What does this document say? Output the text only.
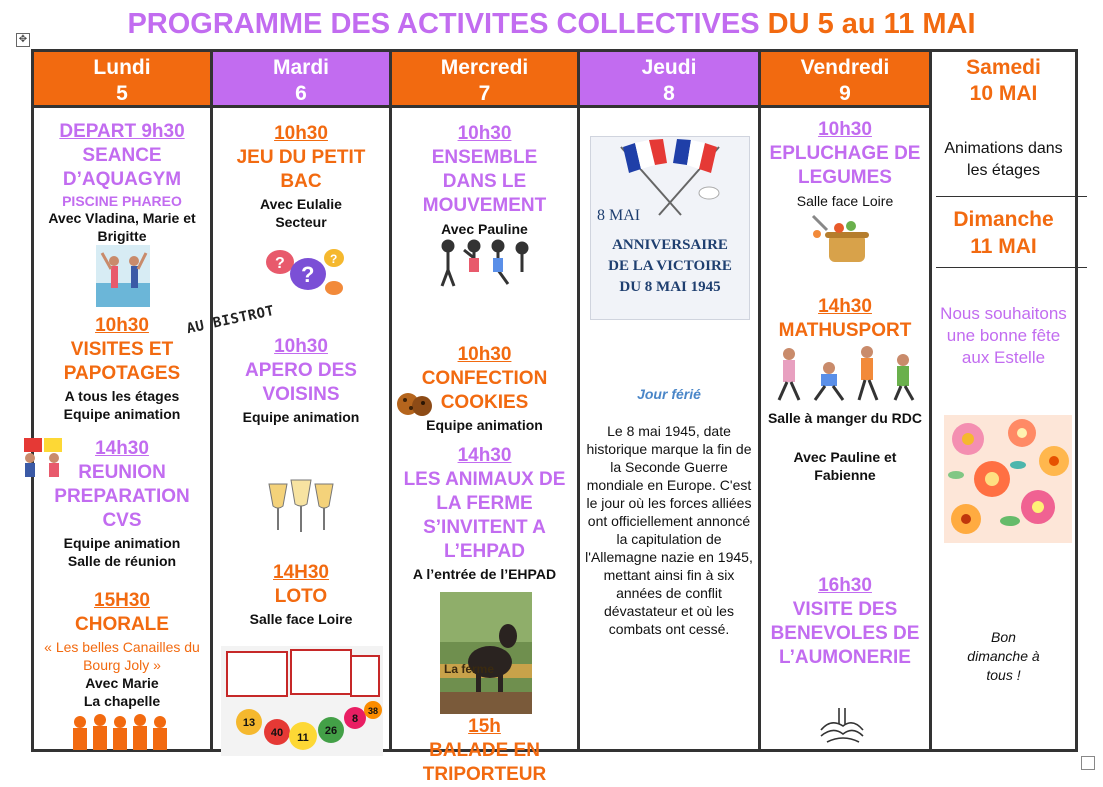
PROGRAMME DES ACTIVITES COLLECTIVES DU 5 au 11 MAI
✥
Lundi
5
DEPART 9h30
SEANCE D’AQUAGYM
PISCINE PHAREO
Avec Vladina, Marie et Brigitte
10h30
VISITES ET PAPOTAGES
A tous les étages
Equipe animation
14h30
REUNION PREPARATION CVS
Equipe animation
Salle de réunion
15H30
CHORALE
« Les belles Canailles du Bourg Joly »
Avec Marie
La chapelle
Mardi
6
10h30
JEU DU PETIT BAC
Avec Eulalie Secteur
? ?
?
10h30
APERO DES VOISINS
Equipe animation
14H30
LOTO
Salle face Loire
13
40 11
26
8
38
Mercredi
7
10h30
ENSEMBLE DANS LE MOUVEMENT
Avec Pauline
10h30
CONFECTION COOKIES
Equipe animation
14h30
LES ANIMAUX DE LA FERME S’INVITENT A L’EHPAD
A l’entrée de l’EHPAD
La ferme
15h
BALADE EN TRIPORTEUR
Jeudi
8
8 MAI
ANNIVERSAIRE
DE LA VICTOIRE
DU 8 MAI 1945
Jour férié
Le 8 mai 1945, date historique marque la fin de la Seconde Guerre mondiale en Europe. C'est le jour où les forces alliées ont officiellement annoncé la capitulation de l'Allemagne nazie en 1945, mettant ainsi fin à six années de conflit dévastateur et où les combats ont cessé.
Vendredi
9
10h30
EPLUCHAGE DE LEGUMES
Salle face Loire
14h30
MATHUSPORT
Salle à manger du RDC
Avec Pauline et Fabienne
16h30
VISITE DES BENEVOLES DE L’AUMONERIE
Samedi
10 MAI
Animations dans les étages
Dimanche
11 MAI
Nous souhaitons une bonne fête aux Estelle
Bon dimanche à tous !
AU BISTROT
